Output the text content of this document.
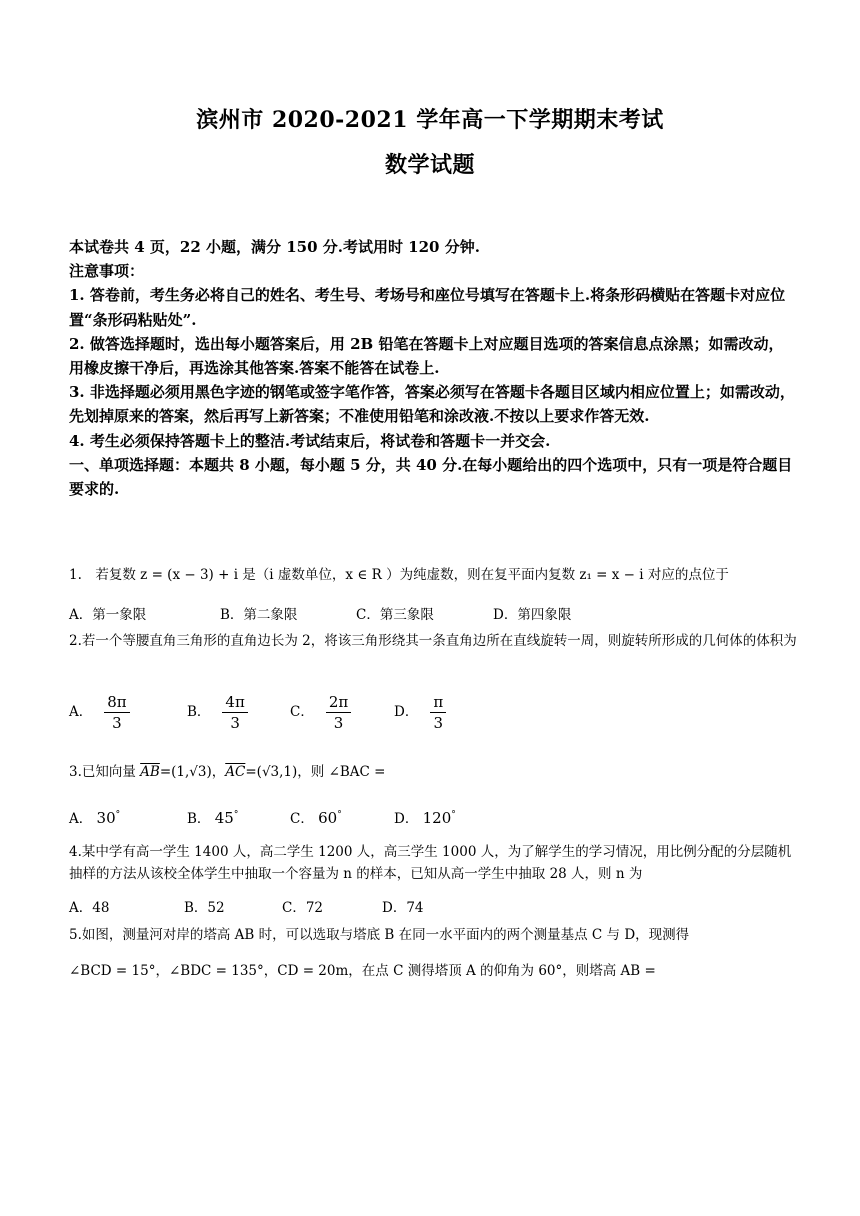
滨州市 2020-2021 学年高一下学期期末考试
数学试题

本试卷共 4 页，22 小题，满分 150 分.考试用时 120 分钟.

注意事项：

1. 答卷前，考生务必将自己的姓名、考生号、考场号和座位号填写在答题卡上.将条形码横贴在答题卡对应位置“条形码粘贴处”.

2. 做答选择题时，选出每小题答案后，用 2B 铅笔在答题卡上对应题目选项的答案信息点涂黑；如需改动，用橡皮擦干净后，再选涂其他答案.答案不能答在试卷上.

3. 非选择题必须用黑色字迹的钢笔或签字笔作答，答案必须写在答题卡各题目区域内相应位置上；如需改动，先划掉原来的答案，然后再写上新答案；不准使用铅笔和涂改液.不按以上要求作答无效.

4. 考生必须保持答题卡上的整洁.考试结束后，将试卷和答题卡一并交会.

一、单项选择题：本题共 8 小题，每小题 5 分，共 40 分.在每小题给出的四个选项中，只有一项是符合题目要求的.

1.　若复数 z = (x − 3) + i 是（i 虚数单位，x ∈ R ）为纯虚数，则在复平面内复数 z₁ = x − i 对应的点位于

A．第一象限	B．第二象限	C．第三象限	D．第四象限

2.若一个等腰直角三角形的直角边长为 2，将该三角形绕其一条直角边所在直线旋转一周，则旋转所形成的几何体的体积为

A． $\frac{8\pi}{3}$	B． $\frac{4\pi}{3}$	C． $\frac{2\pi}{3}$	D． $\frac{\pi}{3}$

3.已知向量 $\overline{AB}=(1,√3)$，$\overline{AC}=(√3,1)$，则 ∠BAC =

A． 30°	B． 45°	C． 60°	D． 120°

4.某中学有高一学生 1400 人，高二学生 1200 人，高三学生 1000 人，为了解学生的学习情况，用比例分配的分层随机抽样的方法从该校全体学生中抽取一个容量为 n 的样本，已知从高一学生中抽取 28 人，则 n 为

A．48	B．52	C．72	D．74

5.如图，测量河对岸的塔高 AB 时，可以选取与塔底 B 在同一水平面内的两个测量基点 C 与 D，现测得

∠BCD = 15°，∠BDC = 135°，CD = 20m，在点 C 测得塔顶 A 的仰角为 60°，则塔高 AB =
